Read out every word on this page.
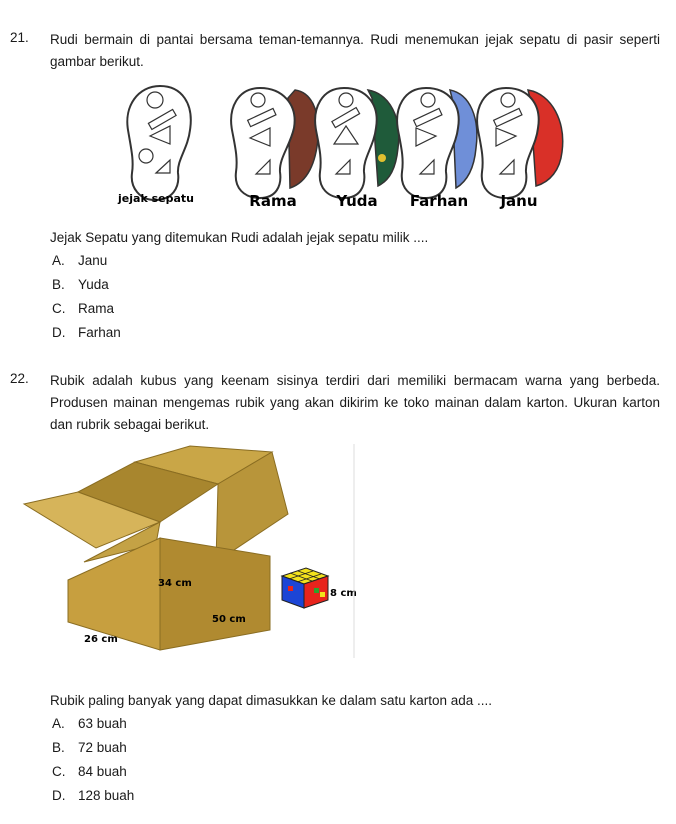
21. Rudi bermain di pantai bersama teman-temannya. Rudi menemukan jejak sepatu di pasir seperti gambar berikut.
jejak sepatu	Rama	Yuda Farhan Janu
Jejak Sepatu yang ditemukan Rudi adalah jejak sepatu milik ....
A. Janu
B. Yuda
C. Rama
D. Farhan
22. Rubik adalah kubus yang keenam sisinya terdiri dari memiliki bermacam warna yang berbeda. Produsen mainan mengemas rubik yang akan dikirim ke toko mainan dalam karton. Ukuran karton dan rubrik sebagai berikut.
34 cm
50 cm
26 cm
8 cm
Rubik paling banyak yang dapat dimasukkan ke dalam satu karton ada ....
A. 63 buah
B. 72 buah
C. 84 buah
D. 128 buah
